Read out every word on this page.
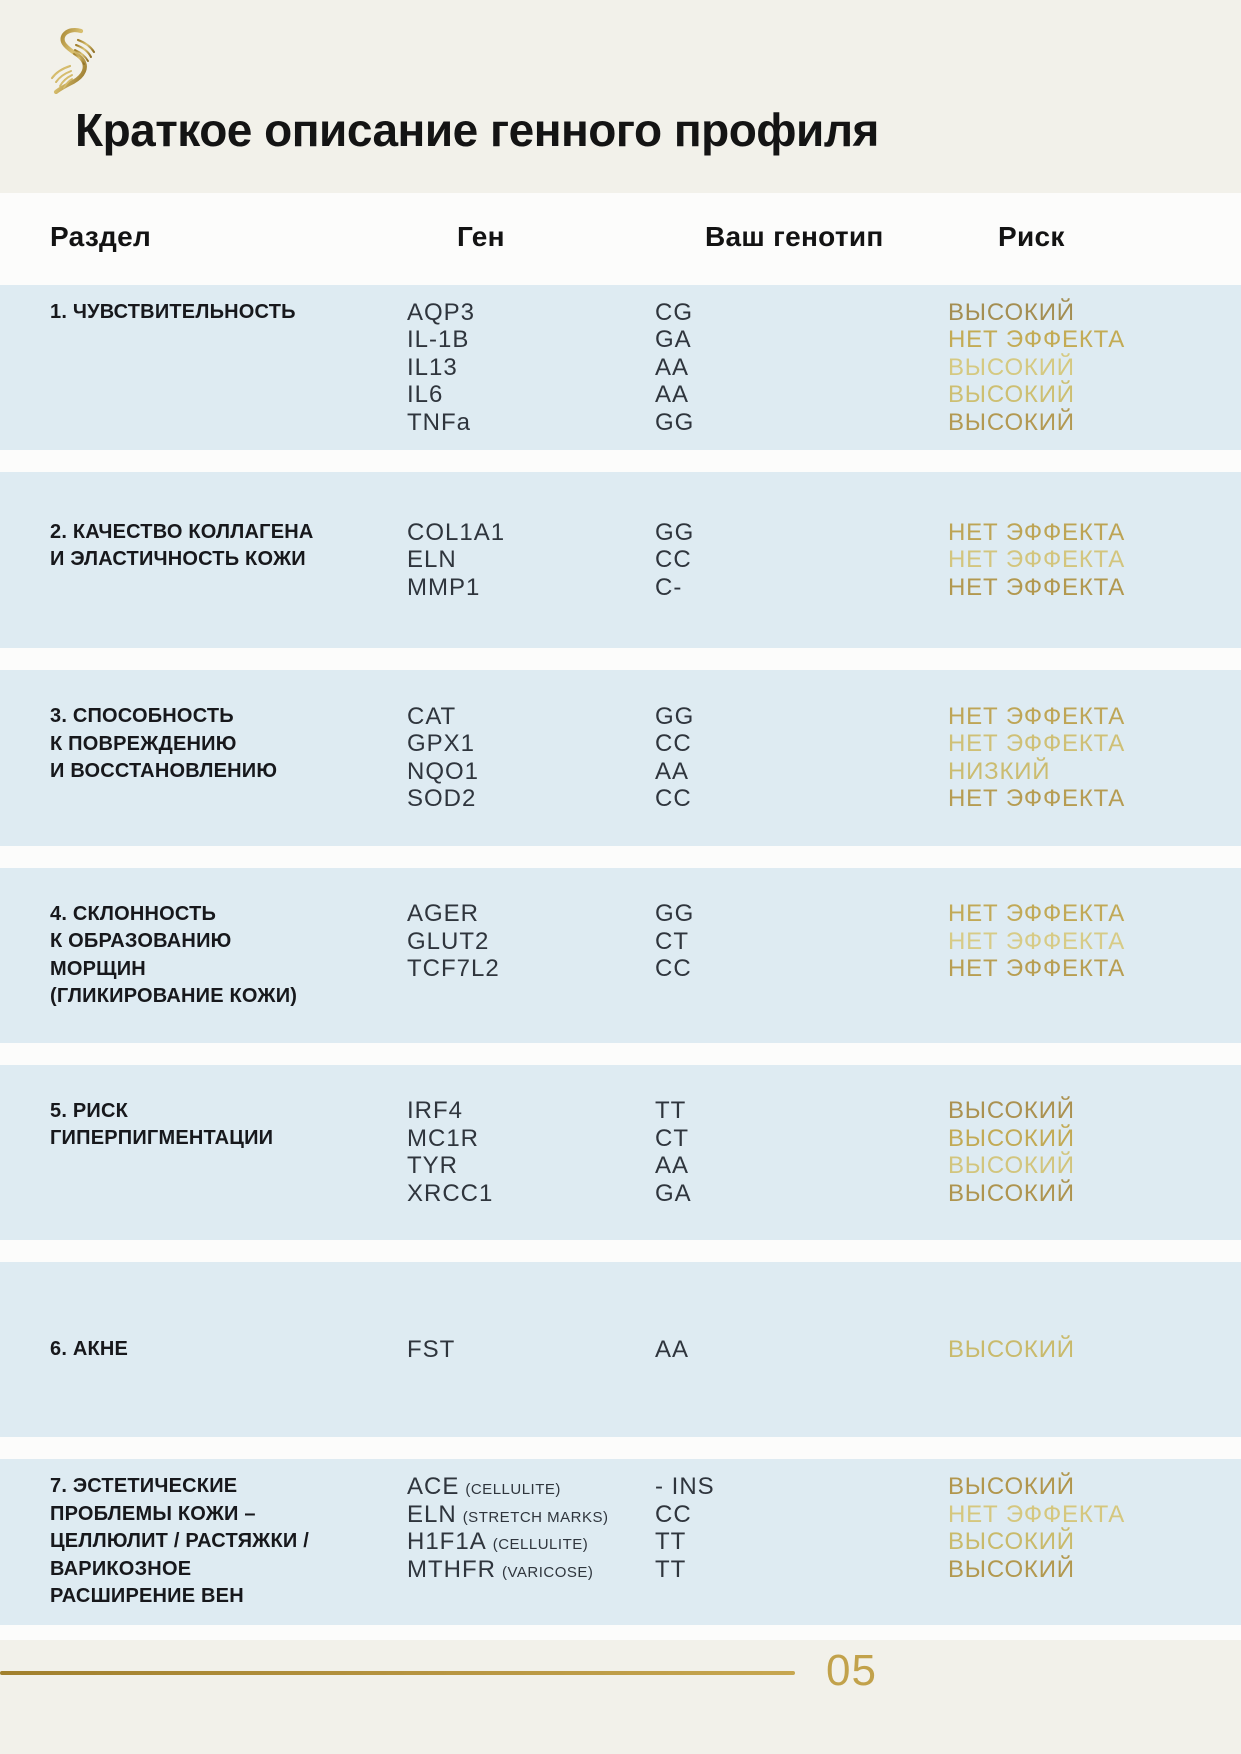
Краткое описание генного профиля
Раздел	Ген	Ваш генотип	Риск
1. ЧУВСТВИТЕЛЬНОСТЬ	AQP3	CG	ВЫСОКИЙ
IL-1B	GA	НЕТ ЭФФЕКТА
IL13	AA	ВЫСОКИЙ
IL6	AA	ВЫСОКИЙ
TNFa	GG	ВЫСОКИЙ
2. КАЧЕСТВО КОЛЛАГЕНА
И ЭЛАСТИЧНОСТЬ КОЖИ
COL1A1	GG	НЕТ ЭФФЕКТА
ELN	CC	НЕТ ЭФФЕКТА
MMP1	C-	НЕТ ЭФФЕКТА
3. СПОСОБНОСТЬ
К ПОВРЕЖДЕНИЮ
И ВОССТАНОВЛЕНИЮ
CAT	GG	НЕТ ЭФФЕКТА
GPX1	CC	НЕТ ЭФФЕКТА
NQO1	AA	НИЗКИЙ
SOD2	CC	НЕТ ЭФФЕКТА
4. СКЛОННОСТЬ
К ОБРАЗОВАНИЮ
МОРЩИН
(ГЛИКИРОВАНИЕ КОЖИ)
AGER	GG	НЕТ ЭФФЕКТА
GLUT2	CT	НЕТ ЭФФЕКТА
TCF7L2	CC	НЕТ ЭФФЕКТА
5. РИСК
ГИПЕРПИГМЕНТАЦИИ
IRF4	TT	ВЫСОКИЙ
MC1R	CT	ВЫСОКИЙ
TYR	AA	ВЫСОКИЙ
XRCC1	GA	ВЫСОКИЙ
6. АКНЕ	FST	AA	ВЫСОКИЙ
7. ЭСТЕТИЧЕСКИЕ
ПРОБЛЕМЫ КОЖИ –
ЦЕЛЛЮЛИТ / РАСТЯЖКИ /
ВАРИКОЗНОЕ
РАСШИРЕНИЕ ВЕН
ACE (CELLULITE)	- INS	ВЫСОКИЙ
ELN (STRETCH MARKS)	CC	НЕТ ЭФФЕКТА
H1F1A (CELLULITE)	TT	ВЫСОКИЙ
MTHFR (VARICOSE)	TT	ВЫСОКИЙ
05
